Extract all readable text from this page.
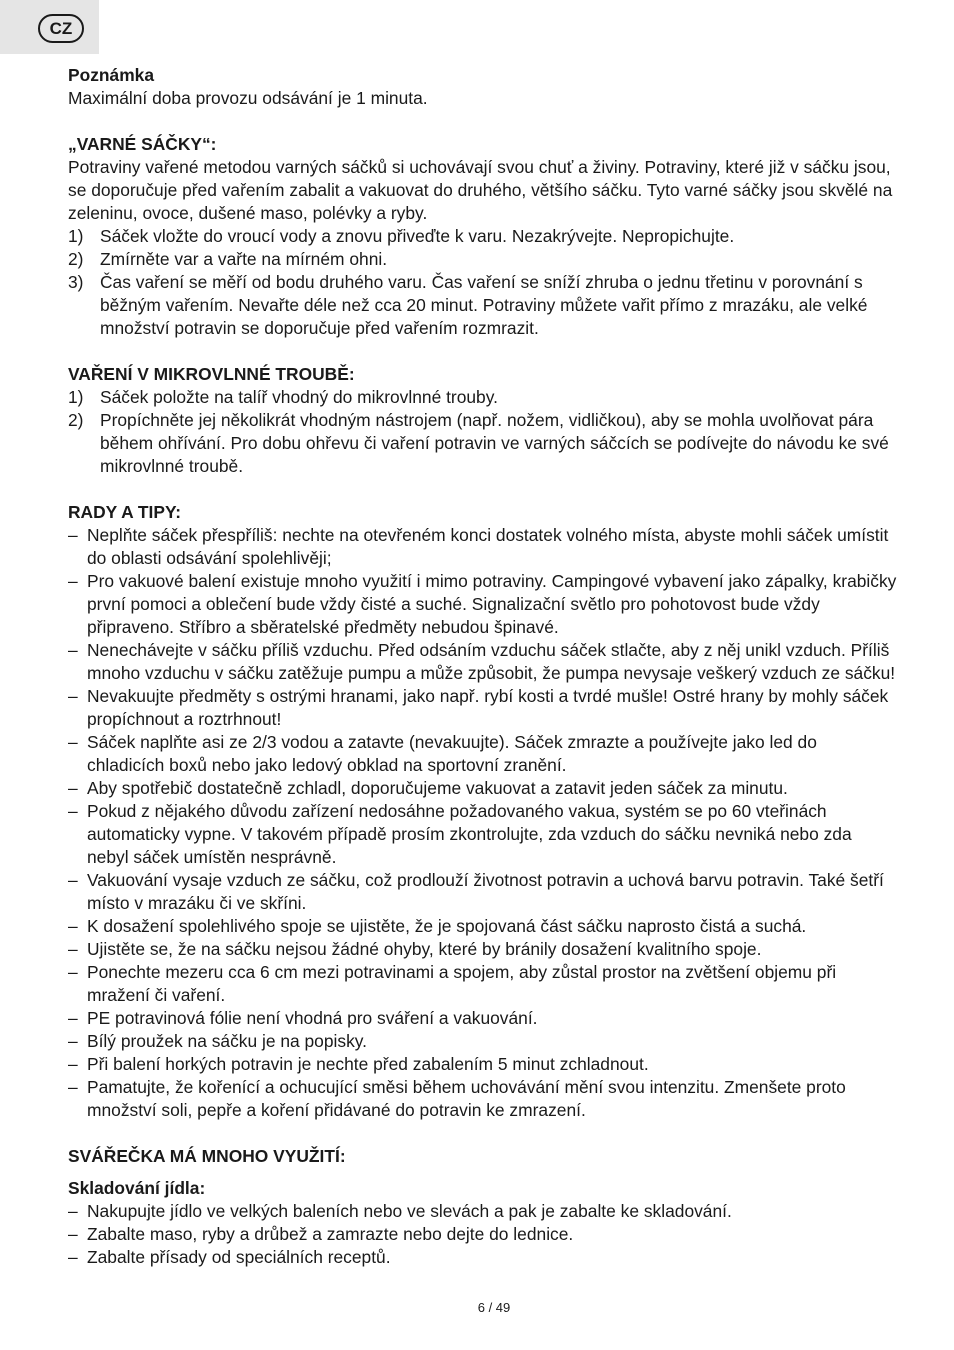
CZ

Poznámka

Maximální doba provozu odsávání je 1 minuta.

„VARNÉ SÁČKY“:

Potraviny vařené metodou varných sáčků si uchovávají svou chuť a živiny. Potraviny, které již v sáčku jsou, se doporučuje před vařením zabalit a vakuovat do druhého, většího sáčku. Tyto varné sáčky jsou skvělé na zeleninu, ovoce, dušené maso, polévky a ryby.

1) Sáček vložte do vroucí vody a znovu přiveďte k varu. Nezakrývejte. Nepropichujte.
2) Zmírněte var a vařte na mírném ohni.
3) Čas vaření se měří od bodu druhého varu. Čas vaření se sníží zhruba o jednu třetinu v porovnání s běžným vařením. Nevařte déle než cca 20 minut. Potraviny můžete vařit přímo z mrazáku, ale velké množství potravin se doporučuje před vařením rozmrazit.

VAŘENÍ V MIKROVLNNÉ TROUBĚ:

1) Sáček položte na talíř vhodný do mikrovlnné trouby.
2) Propíchněte jej několikrát vhodným nástrojem (např. nožem, vidličkou), aby se mohla uvolňovat pára během ohřívání. Pro dobu ohřevu či vaření potravin ve varných sáčcích se podívejte do návodu ke své mikrovlnné troubě.

RADY A TIPY:

– Neplňte sáček přespříliš: nechte na otevřeném konci dostatek volného místa, abyste mohli sáček umístit do oblasti odsávání spolehlivěji;
– Pro vakuové balení existuje mnoho využití i mimo potraviny. Campingové vybavení jako zápalky, krabičky první pomoci a oblečení bude vždy čisté a suché. Signalizační světlo pro pohotovost bude vždy připraveno. Stříbro a sběratelské předměty nebudou špinavé.
– Nenechávejte v sáčku příliš vzduchu. Před odsáním vzduchu sáček stlačte, aby z něj unikl vzduch. Příliš mnoho vzduchu v sáčku zatěžuje pumpu a může způsobit, že pumpa nevysaje veškerý vzduch ze sáčku!
– Nevakuujte předměty s ostrými hranami, jako např. rybí kosti a tvrdé mušle! Ostré hrany by mohly sáček propíchnout a roztrhnout!
– Sáček naplňte asi ze 2/3 vodou a zatavte (nevakuujte). Sáček zmrazte a používejte jako led do chladicích boxů nebo jako ledový obklad na sportovní zranění.
– Aby spotřebič dostatečně zchladl, doporučujeme vakuovat a zatavit jeden sáček za minutu.
– Pokud z nějakého důvodu zařízení nedosáhne požadovaného vakua, systém se po 60 vteřinách automaticky vypne. V takovém případě prosím zkontrolujte, zda vzduch do sáčku nevniká nebo zda nebyl sáček umístěn nesprávně.
– Vakuování vysaje vzduch ze sáčku, což prodlouží životnost potravin a uchová barvu potravin. Také šetří místo v mrazáku či ve skříni.
– K dosažení spolehlivého spoje se ujistěte, že je spojovaná část sáčku naprosto čistá a suchá.
– Ujistěte se, že na sáčku nejsou žádné ohyby, které by bránily dosažení kvalitního spoje.
– Ponechte mezeru cca 6 cm mezi potravinami a spojem, aby zůstal prostor na zvětšení objemu při mražení či vaření.
– PE potravinová fólie není vhodná pro sváření a vakuování.
– Bílý proužek na sáčku je na popisky.
– Při balení horkých potravin je nechte před zabalením 5 minut zchladnout.
– Pamatujte, že kořenící a ochucující směsi během uchovávání mění svou intenzitu. Zmenšete proto množství soli, pepře a koření přidávané do potravin ke zmrazení.

SVÁŘEČKA MÁ MNOHO VYUŽITÍ:

Skladování jídla:

– Nakupujte jídlo ve velkých baleních nebo ve slevách a pak je zabalte ke skladování.
– Zabalte maso, ryby a drůbež a zamrazte nebo dejte do lednice.
– Zabalte přísady od speciálních receptů.
6 / 49
